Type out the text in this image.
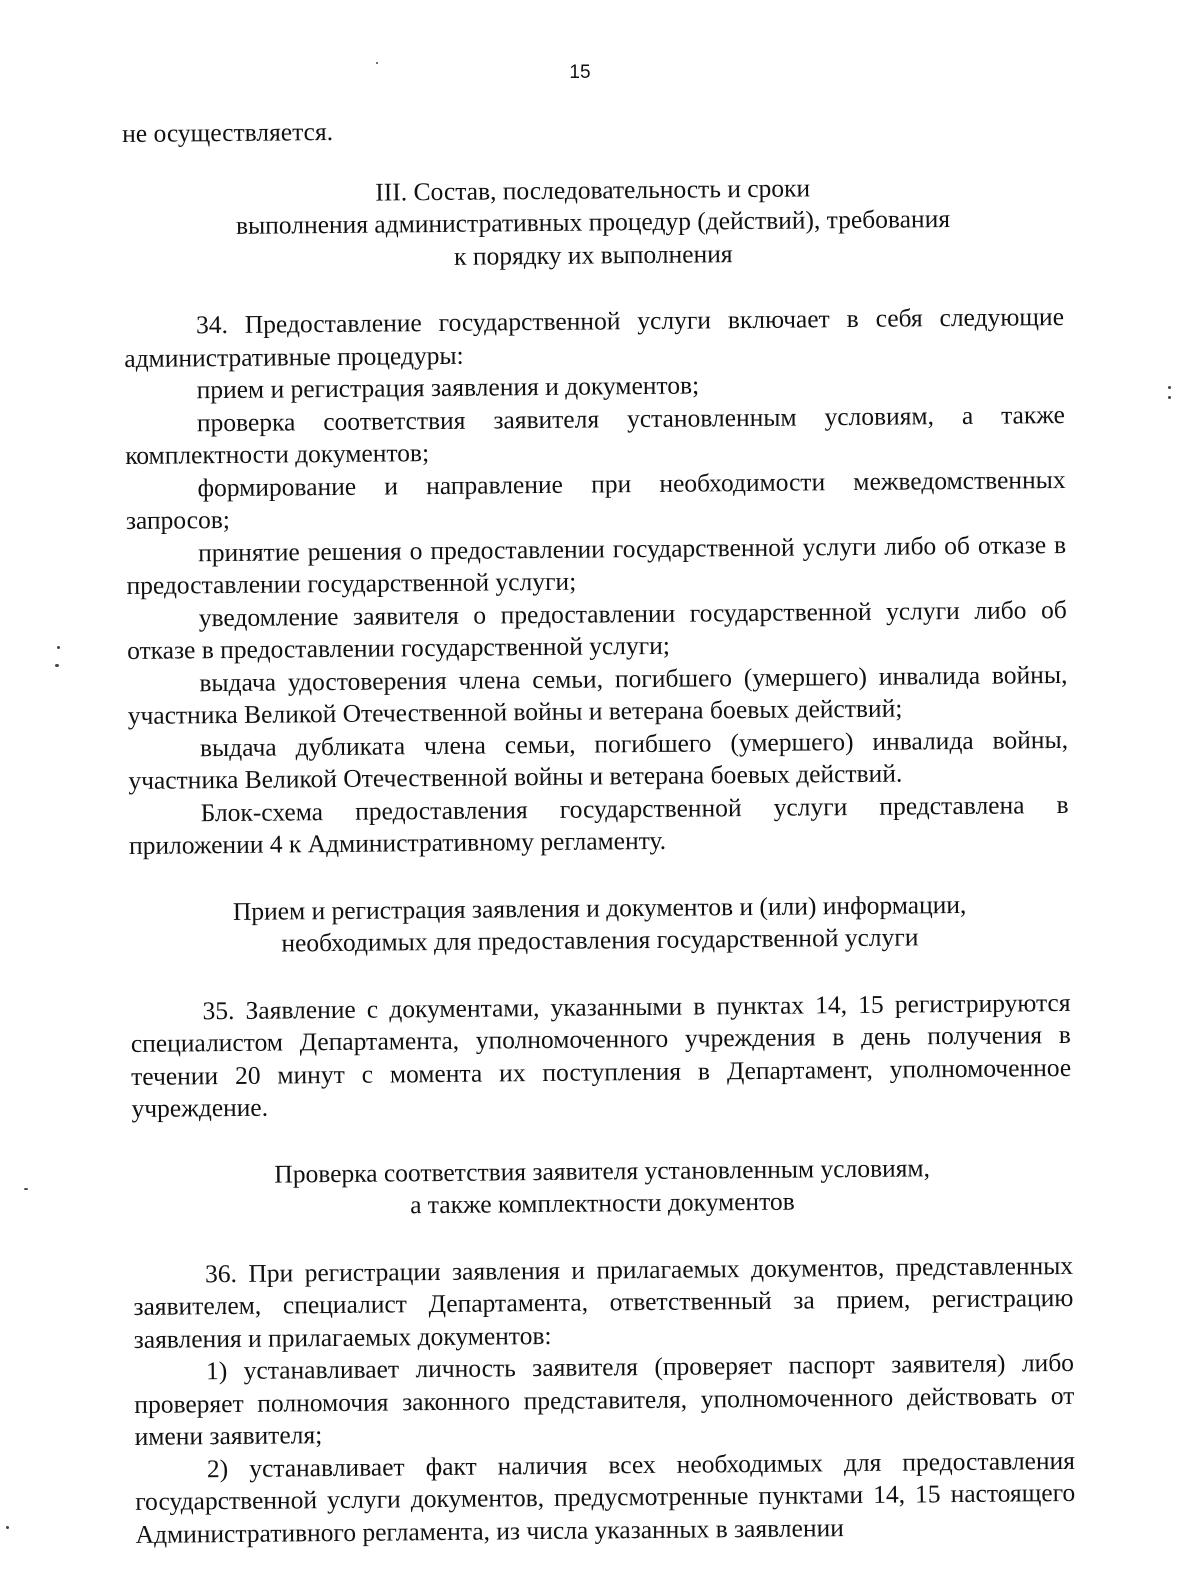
15

не осуществляется.

III. Состав, последовательность и сроки

выполнения административных процедур (действий), требования

к порядку их выполнения

34. Предоставление государственной услуги включает в себя следующие административные процедуры:

прием и регистрация заявления и документов;

проверка соответствия заявителя установленным условиям, а также комплектности документов;

формирование и направление при необходимости межведомственных запросов;

принятие решения о предоставлении государственной услуги либо об отказе в предоставлении государственной услуги;

уведомление заявителя о предоставлении государственной услуги либо об отказе в предоставлении государственной услуги;

выдача удостоверения члена семьи, погибшего (умершего) инвалида войны, участника Великой Отечественной войны и ветерана боевых действий;

выдача дубликата члена семьи, погибшего (умершего) инвалида войны, участника Великой Отечественной войны и ветерана боевых действий.

Блок-схема предоставления государственной услуги представлена в приложении 4 к Административному регламенту.

Прием и регистрация заявления и документов и (или) информации,

необходимых для предоставления государственной услуги

35. Заявление с документами, указанными в пунктах 14, 15 регистрируются специалистом Департамента, уполномоченного учреждения в день получения в течении 20 минут с момента их поступления в Департамент, уполномоченное учреждение.

Проверка соответствия заявителя установленным условиям,

а также комплектности документов

36. При регистрации заявления и прилагаемых документов, представленных заявителем, специалист Департамента, ответственный за прием, регистрацию заявления и прилагаемых документов:

1) устанавливает личность заявителя (проверяет паспорт заявителя) либо проверяет полномочия законного представителя, уполномоченного действовать от имени заявителя;

2) устанавливает факт наличия всех необходимых для предоставления государственной услуги документов, предусмотренные пунктами 14, 15 настоящего Административного регламента, из числа указанных в заявлении
